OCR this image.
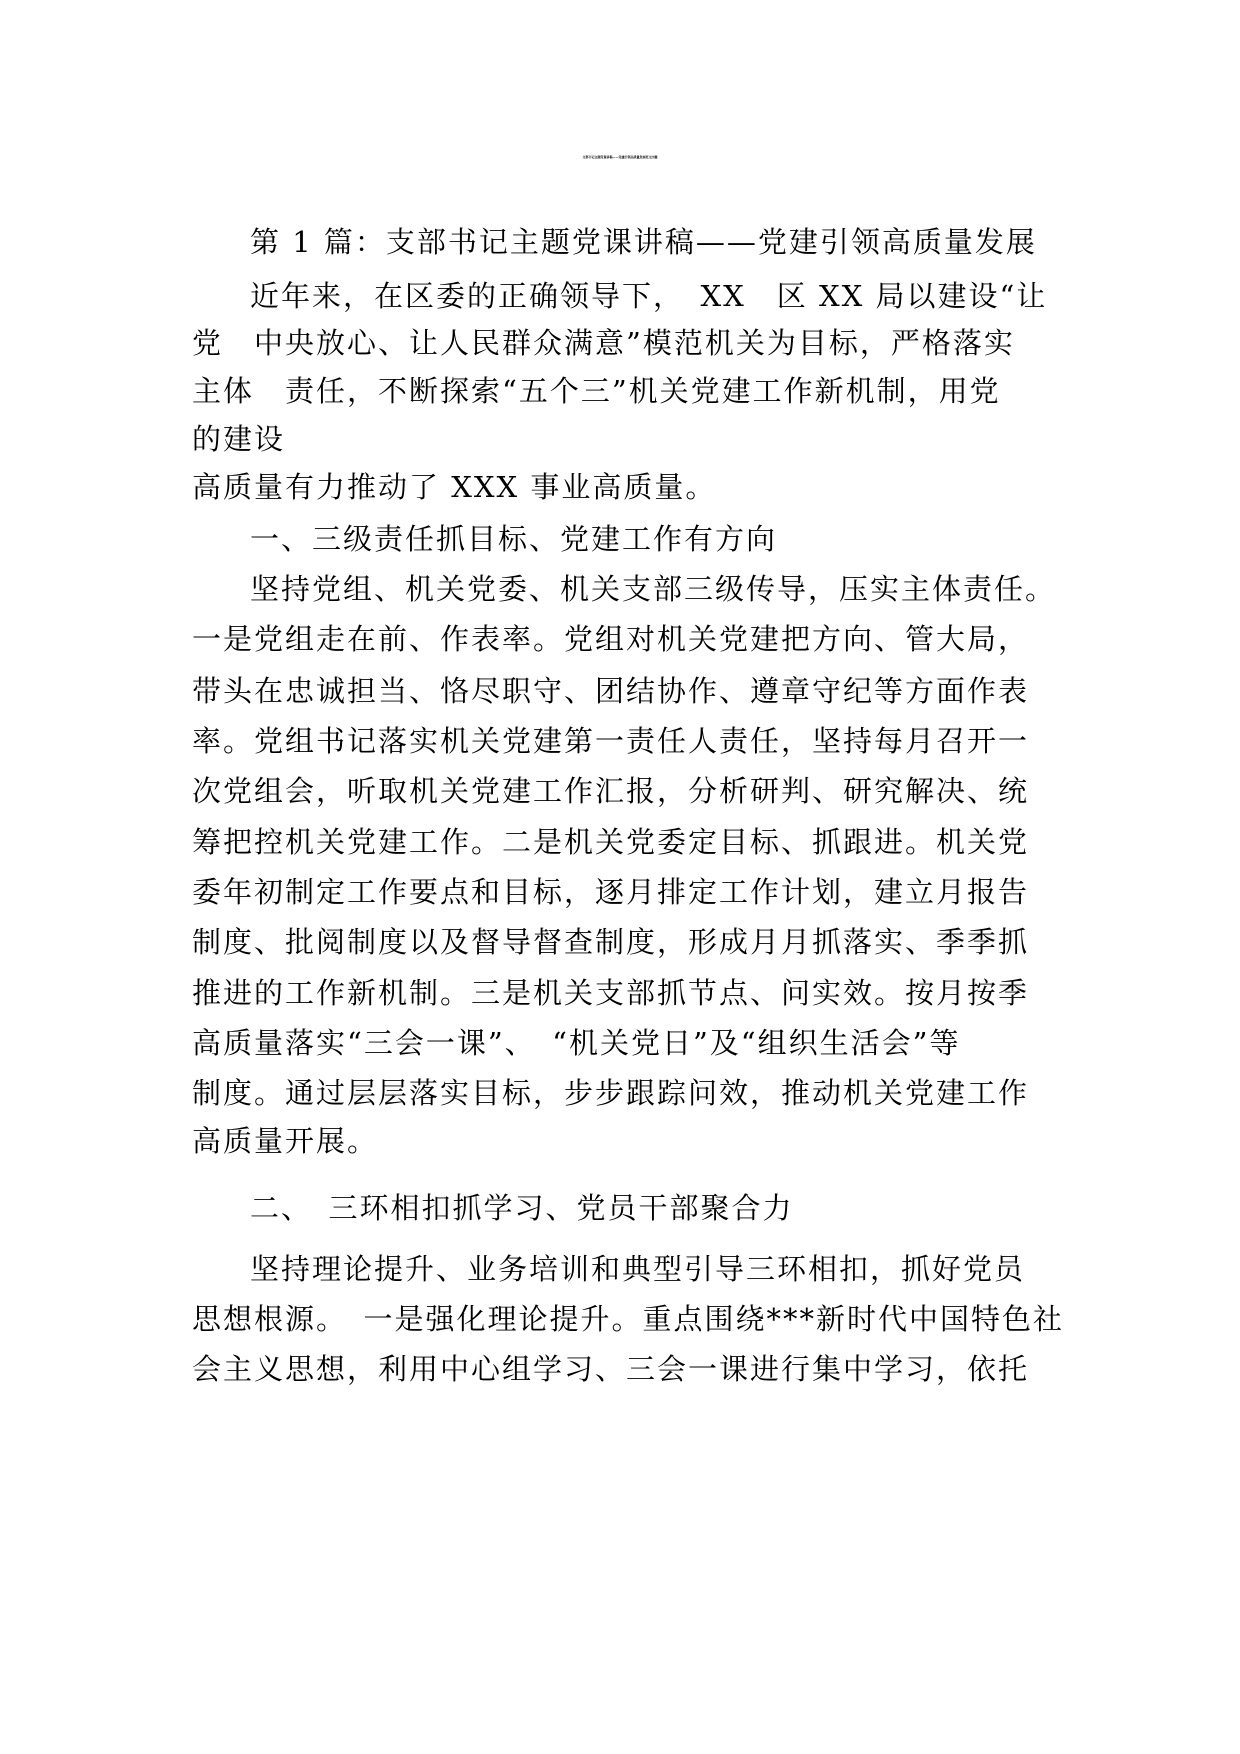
支部书记主题党课讲稿——党建引领高质量发展范文四篇
第 1 篇：支部书记主题党课讲稿——党建引领高质量发展
近年来，在区委的正确领导下，　XX　区 XX 局以建设“让
党　中央放心、让人民群众满意”模范机关为目标，严格落实
主体　责任，不断探索“五个三”机关党建工作新机制，用党
的建设
高质量有力推动了 XXX 事业高质量。
一、三级责任抓目标、党建工作有方向
坚持党组、机关党委、机关支部三级传导，压实主体责任。
一是党组走在前、作表率。党组对机关党建把方向、管大局，
带头在忠诚担当、恪尽职守、团结协作、遵章守纪等方面作表
率。党组书记落实机关党建第一责任人责任，坚持每月召开一
次党组会，听取机关党建工作汇报，分析研判、研究解决、统
筹把控机关党建工作。二是机关党委定目标、抓跟进。机关党
委年初制定工作要点和目标，逐月排定工作计划，建立月报告
制度、批阅制度以及督导督查制度，形成月月抓落实、季季抓
推进的工作新机制。三是机关支部抓节点、问实效。按月按季
高质量落实“三会一课”、　“机关党日”及“组织生活会”等
制度。通过层层落实目标，步步跟踪问效，推动机关党建工作
高质量开展。
二、　三环相扣抓学习、党员干部聚合力
坚持理论提升、业务培训和典型引导三环相扣，抓好党员
思想根源。　一是强化理论提升。重点围绕***新时代中国特色社
会主义思想，利用中心组学习、三会一课进行集中学习，依托
